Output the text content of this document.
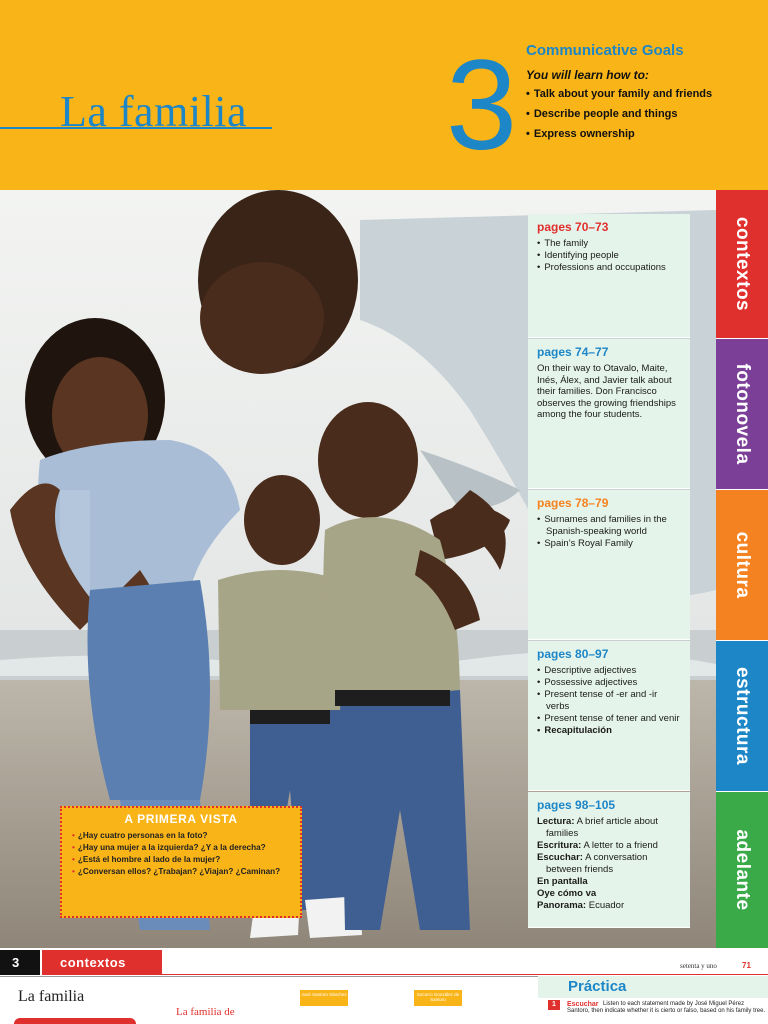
La familia 3 Communicative Goals
You will learn how to:
• Talk about your family and friends
• Describe people and things
• Express ownership
pages 70–73
• The family
• Identifying people
• Professions and occupations	contextos
pages 74–77

On their way to Otavalo, Maite, Inés, Álex, and Javier talk about their families. Don Francisco observes the growing friendships among the four students.	fotonovela
pages 78–79
• Surnames and families in the Spanish-speaking world
• Spain’s Royal Family	cultura
pages 80–97
• Descriptive adjectives
• Possessive adjectives
• Present tense of -er and -ir verbs
• Present tense of tener and venir
• Recapitulación	estructura
pages 98–105
Lectura: A brief article about families
Escritura: A letter to a friend
Escuchar: A conversation between friends
En pantalla
Oye cómo va
Panorama: Ecuador	adelante
A PRIMERA VISTA
• ¿Hay cuatro personas en la foto?
• ¿Hay una mujer a la izquierda? ¿Y a la derecha?
• ¿Está el hombre al lado de la mujer?
• ¿Conversan ellos? ¿Trabajan? ¿Viajan? ¿Caminan?
3	contextos	setenta y uno	71
La familia
La familia de
José Santoro Sánchez	Socorro González de Santoro
Práctica
1	Listen to each statement made by José Miguel Pérez Santoro, then indicate whether it is cierto or falso, based on his family tree.
Escuchar
